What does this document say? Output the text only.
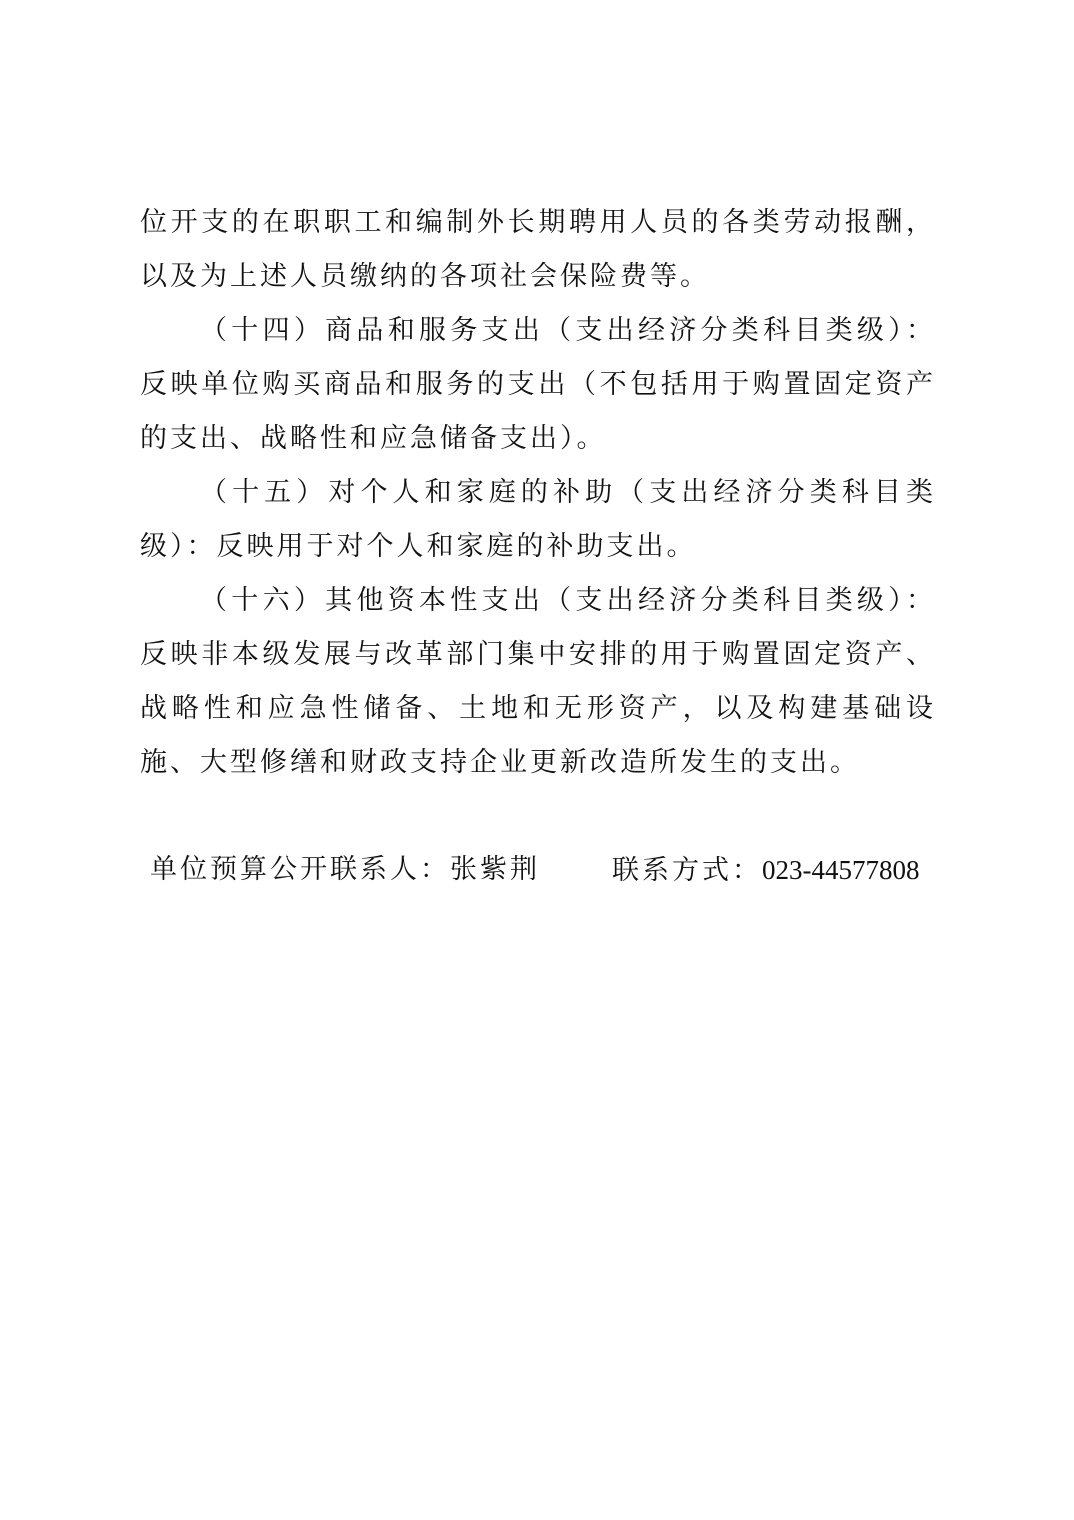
位开支的在职职工和编制外长期聘用人员的各类劳动报酬，以及为上述人员缴纳的各项社会保险费等。

（十四）商品和服务支出（支出经济分类科目类级）：反映单位购买商品和服务的支出（不包括用于购置固定资产的支出、战略性和应急储备支出）。

（十五）对个人和家庭的补助（支出经济分类科目类级）：反映用于对个人和家庭的补助支出。

（十六）其他资本性支出（支出经济分类科目类级）：反映非本级发展与改革部门集中安排的用于购置固定资产、战略性和应急性储备、土地和无形资产，以及构建基础设施、大型修缮和财政支持企业更新改造所发生的支出。

单位预算公开联系人：张紫荆	联系方式：023-44577808
